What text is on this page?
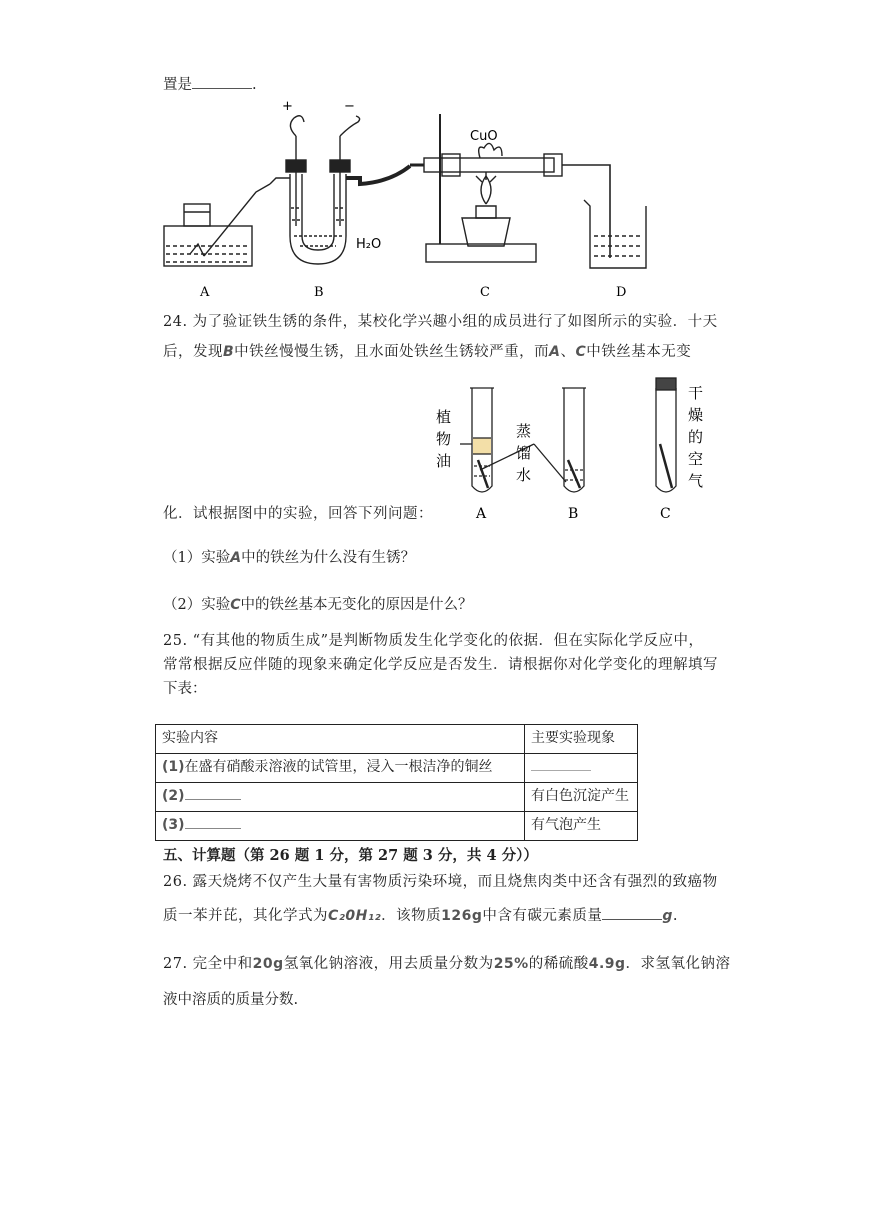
置是	.
+	−
CuO
H₂O
A	B	C	D
24. 为了验证铁生锈的条件，某校化学兴趣小组的成员进行了如图所示的实验．十天
后，发现B中铁丝慢慢生锈，且水面处铁丝生锈较严重，而A、C中铁丝基本无变
植
物
油
蒸
馏
水
干
燥
的
空
气
A	B	C
化．试根据图中的实验，回答下列问题：
（1）实验A中的铁丝为什么没有生锈？
（2）实验C中的铁丝基本无变化的原因是什么？
25. “有其他的物质生成”是判断物质发生化学变化的依据．但在实际化学反应中，
常常根据反应伴随的现象来确定化学反应是否发生．请根据你对化学变化的理解填写
下表：
实验内容	主要实验现象
(1)在盛有硝酸汞溶液的试管里，浸入一根洁净的铜丝	
(2)	有白色沉淀产生
(3)	有气泡产生
五、计算题（第 26 题 1 分，第 27 题 3 分，共 4 分））
26. 露天烧烤不仅产生大量有害物质污染环境，而且烧焦肉类中还含有强烈的致癌物
质一苯并芘，其化学式为C₂0H₁₂．该物质126g中含有碳元素质量	g.
27. 完全中和20g氢氧化钠溶液，用去质量分数为25%的稀硫酸4.9g．求氢氧化钠溶
液中溶质的质量分数.
